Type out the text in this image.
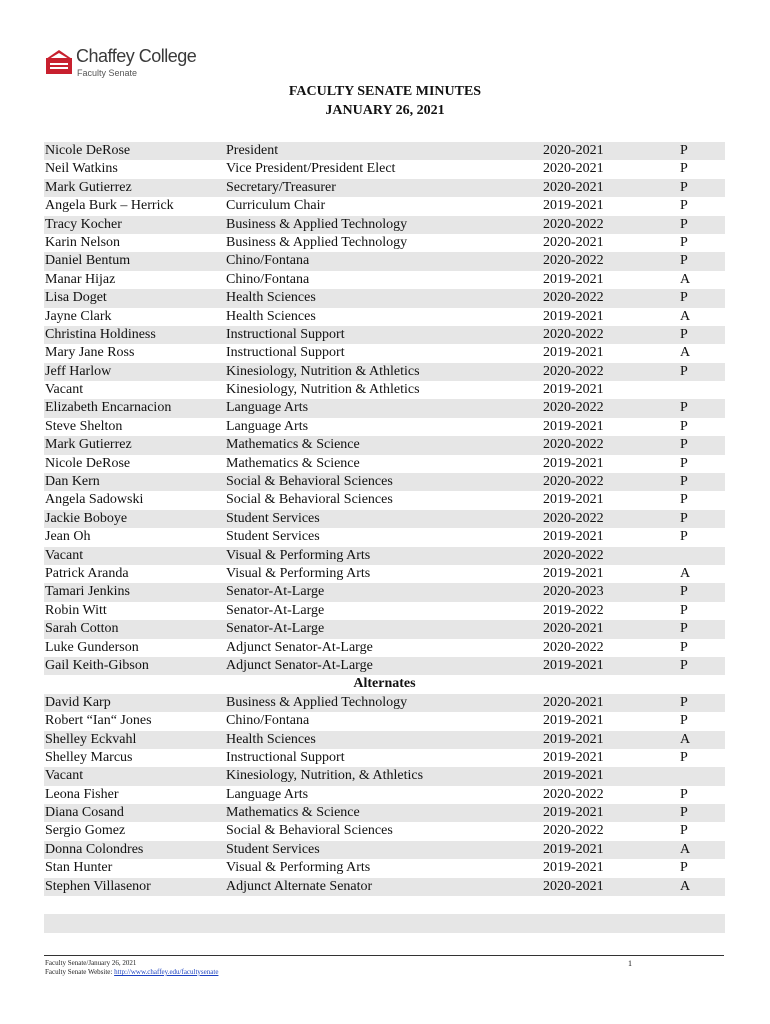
Chaffey College
Faculty Senate
FACULTY SENATE MINUTES
JANUARY 26, 2021
Nicole DeRose	President	2020-2021	P
Neil Watkins	Vice President/President Elect	2020-2021	P
Mark Gutierrez	Secretary/Treasurer	2020-2021	P
Angela Burk – Herrick	Curriculum Chair	2019-2021	P
Tracy Kocher	Business & Applied Technology	2020-2022	P
Karin Nelson	Business & Applied Technology	2020-2021	P
Daniel Bentum	Chino/Fontana	2020-2022	P
Manar Hijaz	Chino/Fontana	2019-2021	A
Lisa Doget	Health Sciences	2020-2022	P
Jayne Clark	Health Sciences	2019-2021	A
Christina Holdiness	Instructional Support	2020-2022	P
Mary Jane Ross	Instructional Support	2019-2021	A
Jeff Harlow	Kinesiology, Nutrition & Athletics	2020-2022	P
Vacant	Kinesiology, Nutrition & Athletics	2019-2021
Elizabeth Encarnacion	Language Arts	2020-2022	P
Steve Shelton	Language Arts	2019-2021	P
Mark Gutierrez	Mathematics & Science	2020-2022	P
Nicole DeRose	Mathematics & Science	2019-2021	P
Dan Kern	Social & Behavioral Sciences	2020-2022	P
Angela Sadowski	Social & Behavioral Sciences	2019-2021	P
Jackie Boboye	Student Services	2020-2022	P
Jean Oh	Student Services	2019-2021	P
Vacant	Visual & Performing Arts	2020-2022
Patrick Aranda	Visual & Performing Arts	2019-2021	A
Tamari Jenkins	Senator-At-Large	2020-2023	P
Robin Witt	Senator-At-Large	2019-2022	P
Sarah Cotton	Senator-At-Large	2020-2021	P
Luke Gunderson	Adjunct Senator-At-Large	2020-2022	P
Gail Keith-Gibson	Adjunct Senator-At-Large	2019-2021	P
Alternates
David Karp	Business & Applied Technology	2020-2021	P
Robert “Ian“ Jones	Chino/Fontana	2019-2021	P
Shelley Eckvahl	Health Sciences	2019-2021	A
Shelley Marcus	Instructional Support	2019-2021	P
Vacant	Kinesiology, Nutrition, & Athletics	2019-2021
Leona Fisher	Language Arts	2020-2022	P
Diana Cosand	Mathematics & Science	2019-2021	P
Sergio Gomez	Social & Behavioral Sciences	2020-2022	P
Donna Colondres	Student Services	2019-2021	A
Stan Hunter	Visual & Performing Arts	2019-2021	P
Stephen Villasenor	Adjunct Alternate Senator	2020-2021	A
Faculty Senate/January 26, 2021
Faculty Senate Website: http://www.chaffey.edu/facultysenate
1
